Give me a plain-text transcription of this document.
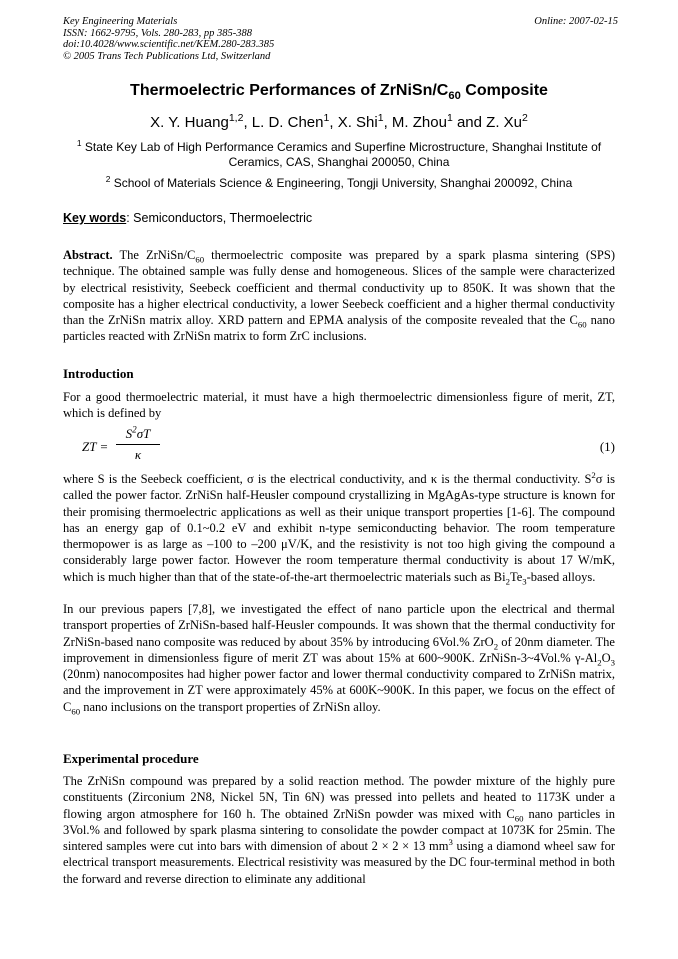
Key Engineering Materials
ISSN: 1662-9795, Vols. 280-283, pp 385-388
doi:10.4028/www.scientific.net/KEM.280-283.385
© 2005 Trans Tech Publications Ltd, Switzerland
Online: 2007-02-15
Thermoelectric Performances of ZrNiSn/$C_{60}$ Composite
X. Y. Huang$^{1,2}$, L. D. Chen$^1$, X. Shi$^1$, M. Zhou$^1$ and Z. Xu$^2$
$^1$ State Key Lab of High Performance Ceramics and Superfine Microstructure, Shanghai Institute of Ceramics, CAS, Shanghai 200050, China
$^2$ School of Materials Science & Engineering, Tongji University, Shanghai 200092, China
Key words: Semiconductors, Thermoelectric

Abstract. The ZrNiSn/$C_{60}$ thermoelectric composite was prepared by a spark plasma sintering (SPS) technique. The obtained sample was fully dense and homogeneous. Slices of the sample were characterized by electrical resistivity, Seebeck coefficient and thermal conductivity up to 850K. It was shown that the composite has a higher electrical conductivity, a lower Seebeck coefficient and a higher thermal conductivity than the ZrNiSn matrix alloy. XRD pattern and EPMA analysis of the composite revealed that the $C_{60}$ nano particles reacted with ZrNiSn matrix to form ZrC inclusions.

Introduction

For a good thermoelectric material, it must have a high thermoelectric dimensionless figure of merit, ZT, which is defined by

ZT =
$S^2\sigma T$
κ
(1)

where S is the Seebeck coefficient, σ is the electrical conductivity, and κ is the thermal conductivity. $S^2\sigma$ is called the power factor. ZrNiSn half-Heusler compound crystallizing in MgAgAs-type structure is known for their promising thermoelectric applications as well as their unique transport properties [1-6]. The compound has an energy gap of 0.1~0.2 eV and exhibit n-type semiconducting behavior. The room temperature thermopower is as large as –100 to –200 μV/K, and the resistivity is not too high giving the compound a considerably large power factor. However the room temperature thermal conductivity is about 17 W/mK, which is much higher than that of the state-of-the-art thermoelectric materials such as $Bi_2Te_3$-based alloys.

In our previous papers [7,8], we investigated the effect of nano particle upon the electrical and thermal transport properties of ZrNiSn-based half-Heusler compounds. It was shown that the thermal conductivity for ZrNiSn-based nano composite was reduced by about 35% by introducing 6Vol.% ZrO$_2$ of 20nm diameter. The improvement in dimensionless figure of merit ZT was about 15% at 600~900K. ZrNiSn-3~4Vol.% $\gamma-Al_2O_3$ (20nm) nanocomposites had higher power factor and lower thermal conductivity compared to ZrNiSn matrix, and the improvement in ZT were approximately 45% at 600K~900K. In this paper, we focus on the effect of $C_{60}$ nano inclusions on the transport properties of ZrNiSn alloy.

Experimental procedure

The ZrNiSn compound was prepared by a solid reaction method. The powder mixture of the highly pure constituents (Zirconium 2N8, Nickel 5N, Tin 6N) was pressed into pellets and heated to 1173K under a flowing argon atmosphere for 160 h. The obtained ZrNiSn powder was mixed with $C_{60}$ nano particles in 3Vol.% and followed by spark plasma sintering to consolidate the powder compact at 1073K for 25min. The sintered samples were cut into bars with dimension of about 2 × 2 × 13 $mm^3$ using a diamond wheel saw for electrical transport measurements. Electrical resistivity was measured by the DC four-terminal method in both the forward and reverse direction to eliminate any additional
